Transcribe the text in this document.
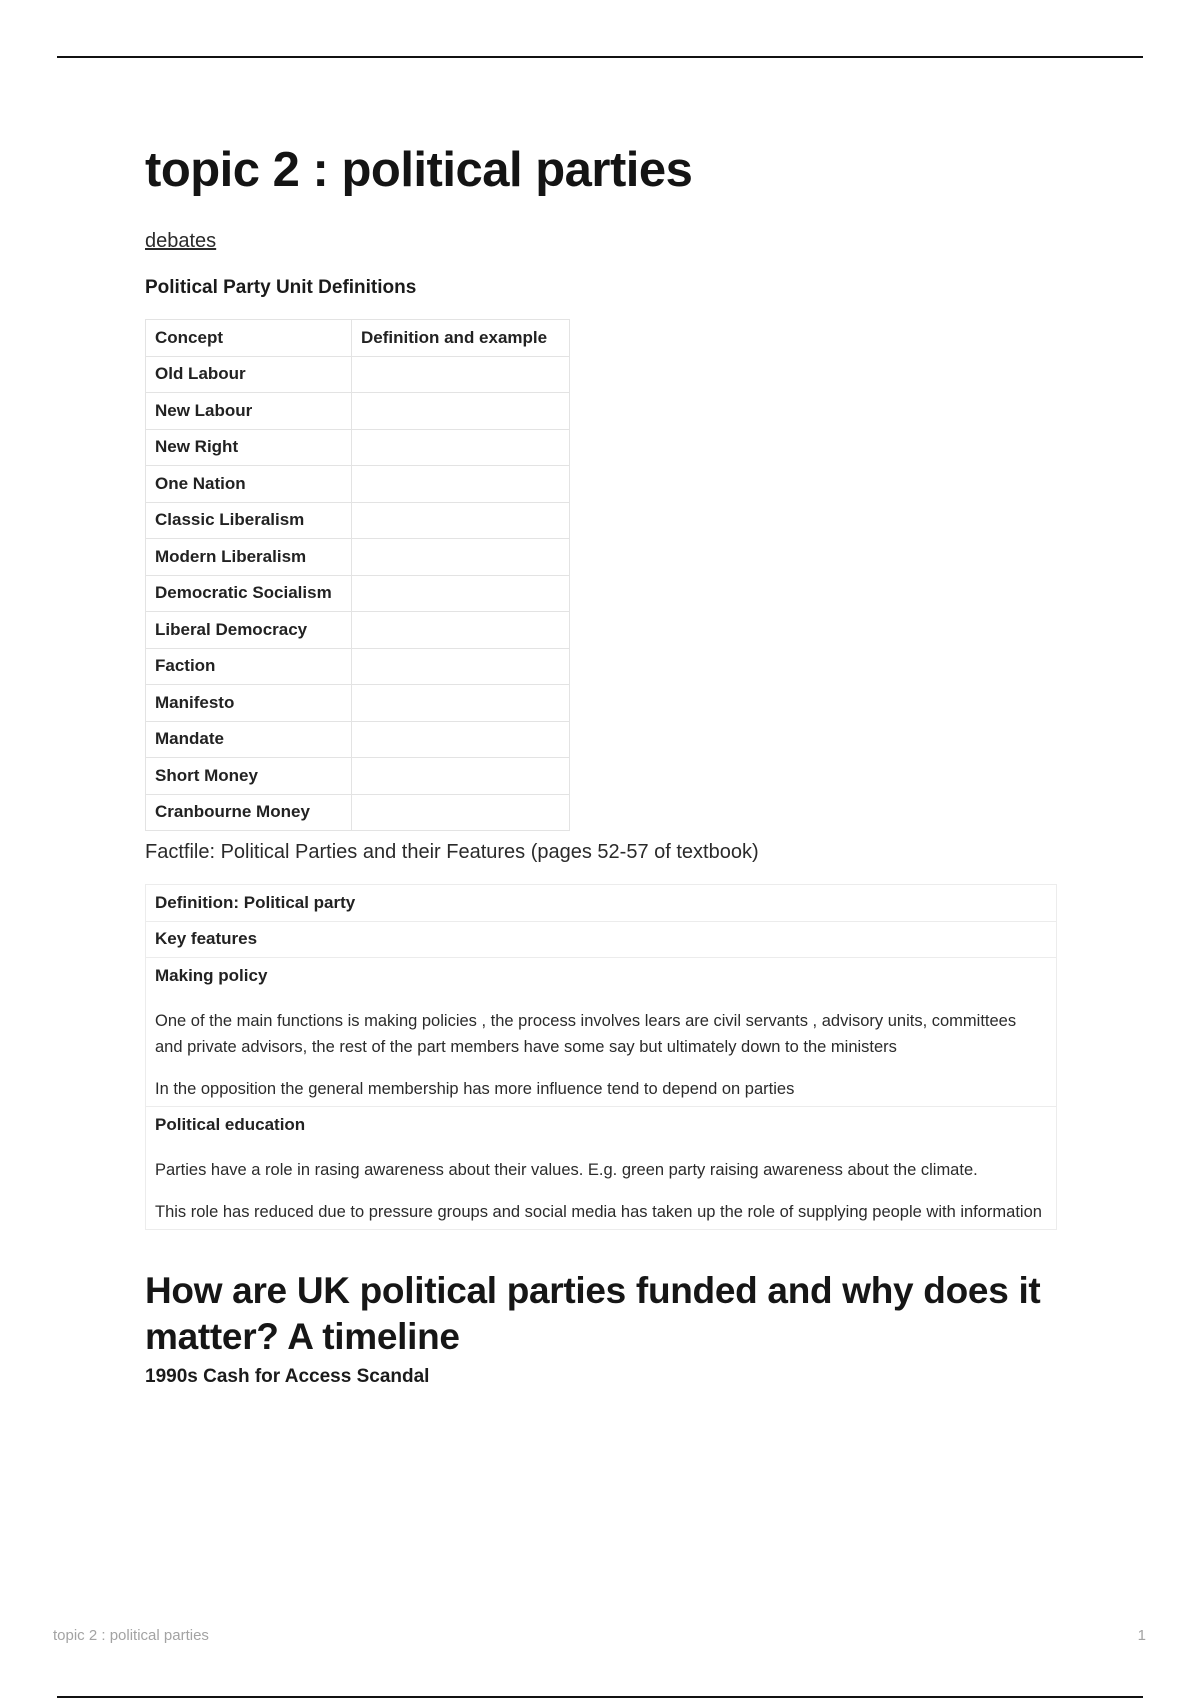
topic 2 : political parties
debates
Political Party Unit Definitions
Concept	Definition and example
Old Labour	
New Labour	
New Right	
One Nation	
Classic Liberalism	
Modern Liberalism	
Democratic Socialism	
Liberal Democracy	
Faction	
Manifesto	
Mandate	
Short Money	
Cranbourne Money	
Factfile: Political Parties and their Features (pages 52-57 of textbook)
Definition: Political party
Key features

Making policy
One of the main functions is making policies , the process involves lears are civil servants , advisory units, committees and private advisors, the rest of the part members have some say but ultimately down to the ministers
In the opposition the general membership has more influence tend to depend on parties

Political education
Parties have a role in rasing awareness about their values. E.g. green party raising awareness about the climate.
This role has reduced due to pressure groups and social media has taken up the role of supplying people with information
How are UK political parties funded and why does it matter? A timeline
1990s Cash for Access Scandal
topic 2 : political parties	1
